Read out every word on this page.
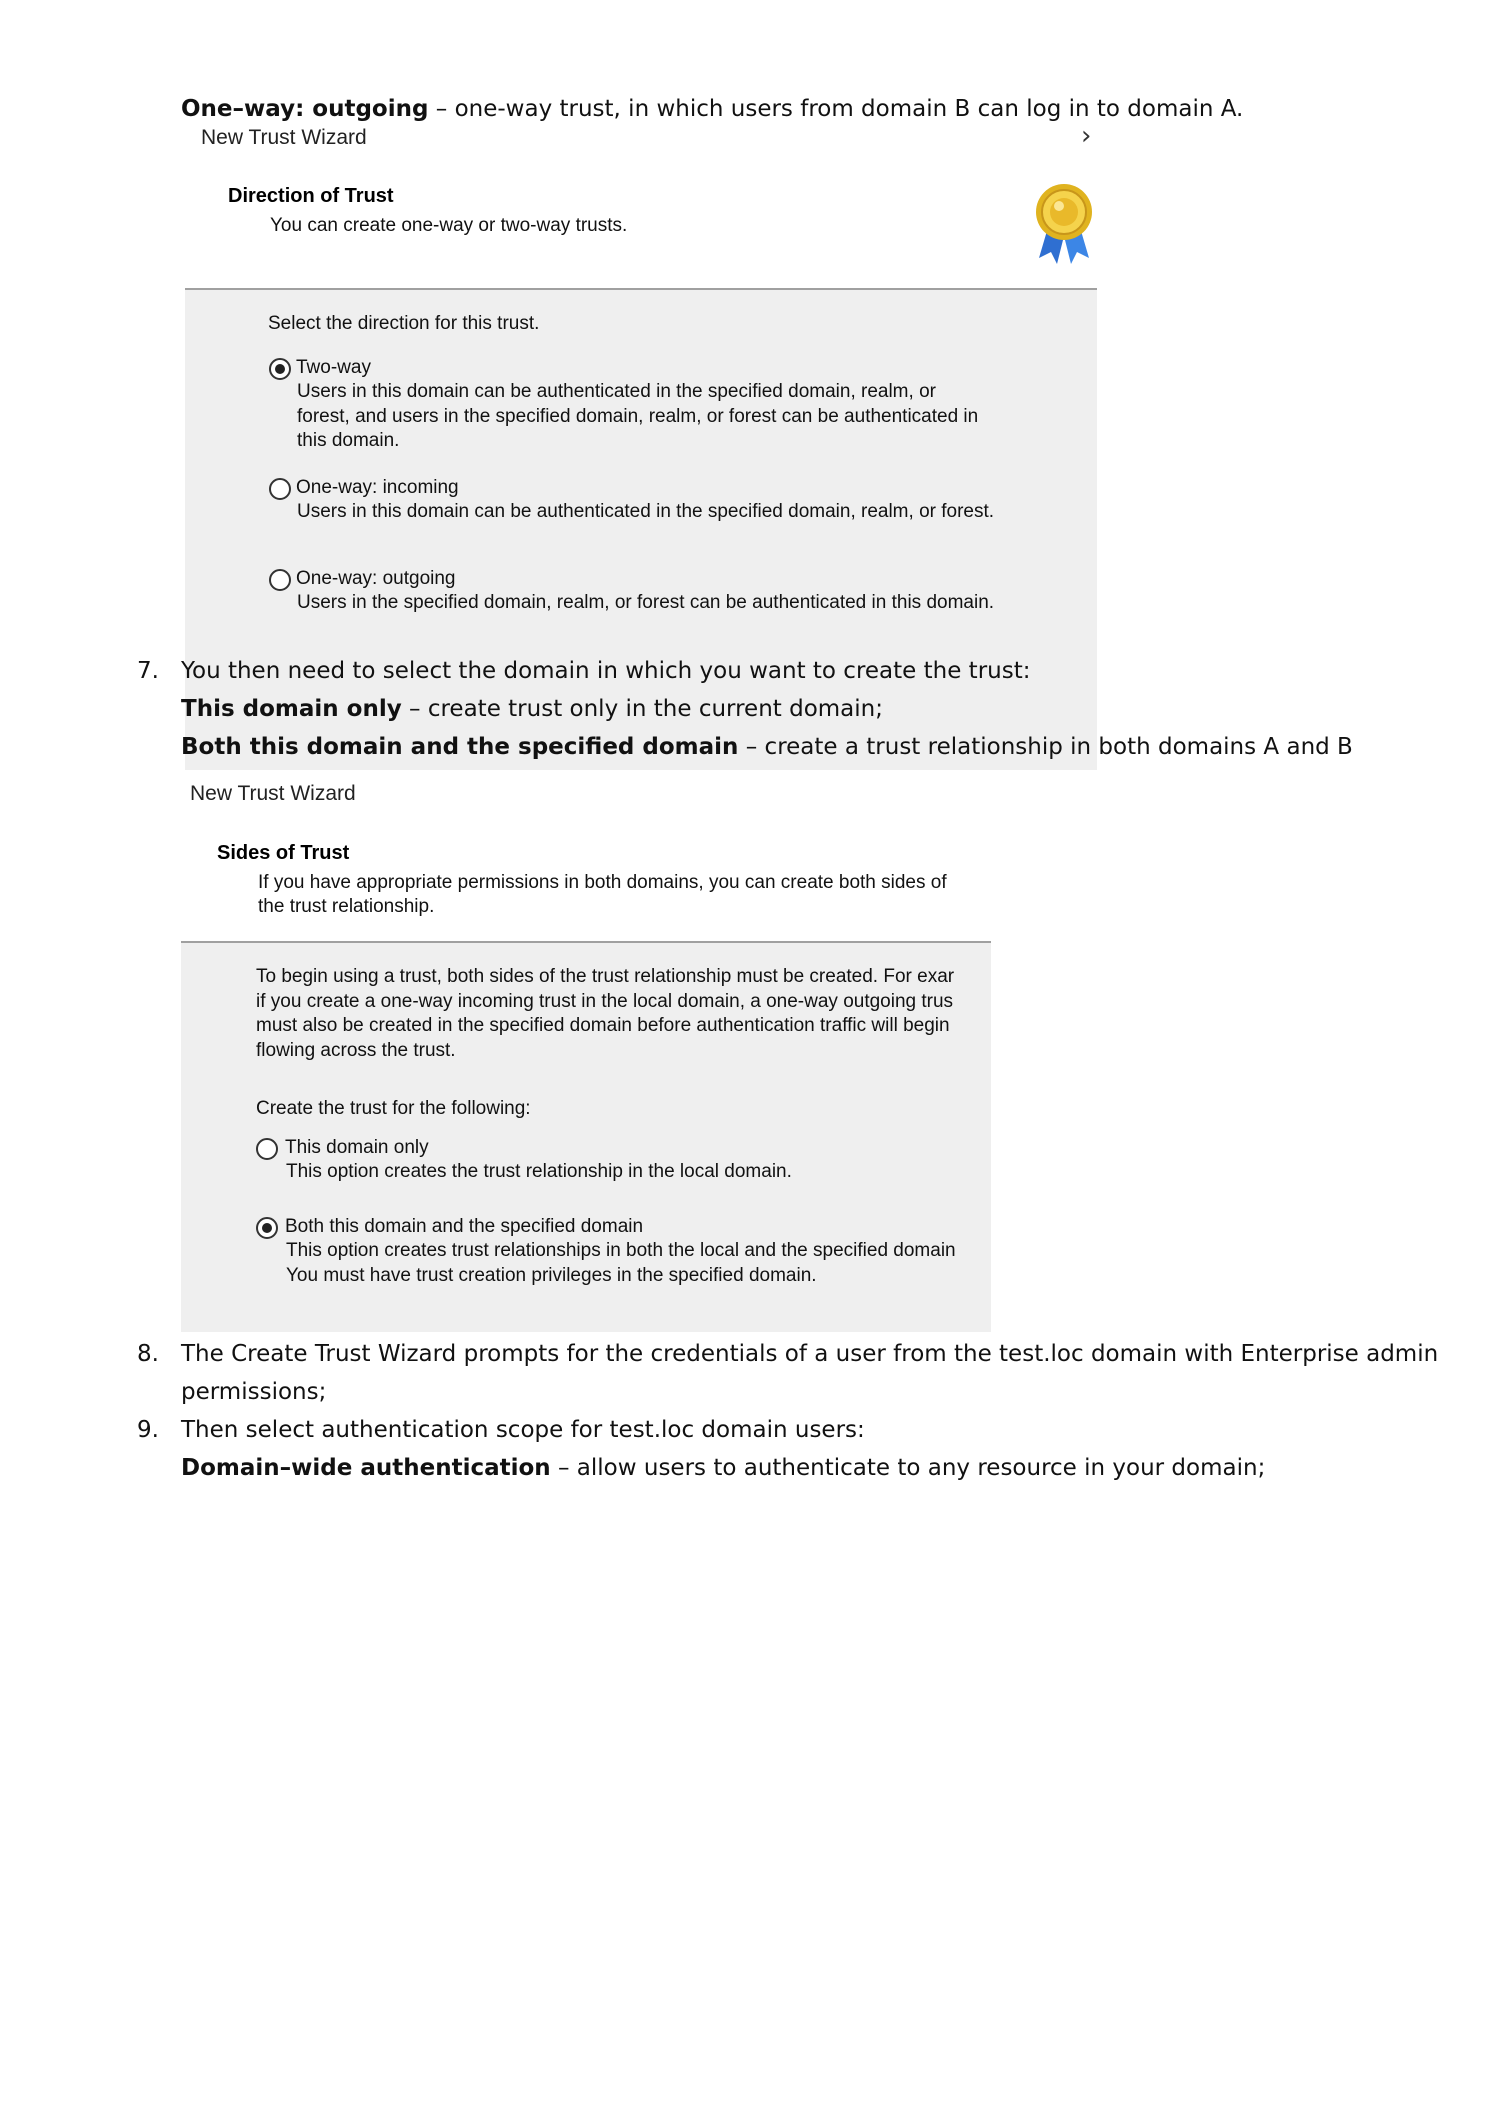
One–way: outgoing – one-way trust, in which users from domain B can log in to domain A.
New Trust Wizard	›
Direction of Trust
You can create one-way or two-way trusts.
Select the direction for this trust.
Two-way
Users in this domain can be authenticated in the specified domain, realm, or
forest, and users in the specified domain, realm, or forest can be authenticated in
this domain.
One-way: incoming
Users in this domain can be authenticated in the specified domain, realm, or forest.
One-way: outgoing
Users in the specified domain, realm, or forest can be authenticated in this domain.
7. You then need to select the domain in which you want to create the trust:
This domain only – create trust only in the current domain;
Both this domain and the specified domain – create a trust relationship in both domains A and B
New Trust Wizard
Sides of Trust
If you have appropriate permissions in both domains, you can create both sides of
the trust relationship.
To begin using a trust, both sides of the trust relationship must be created. For exar
if you create a one-way incoming trust in the local domain, a one-way outgoing trus
must also be created in the specified domain before authentication traffic will begin
flowing across the trust.
Create the trust for the following:
This domain only
This option creates the trust relationship in the local domain.
Both this domain and the specified domain
This option creates trust relationships in both the local and the specified domain
You must have trust creation privileges in the specified domain.
8. The Create Trust Wizard prompts for the credentials of a user from the test.loc domain with Enterprise admin
permissions;
9. Then select authentication scope for test.loc domain users:
Domain–wide authentication – allow users to authenticate to any resource in your domain;
